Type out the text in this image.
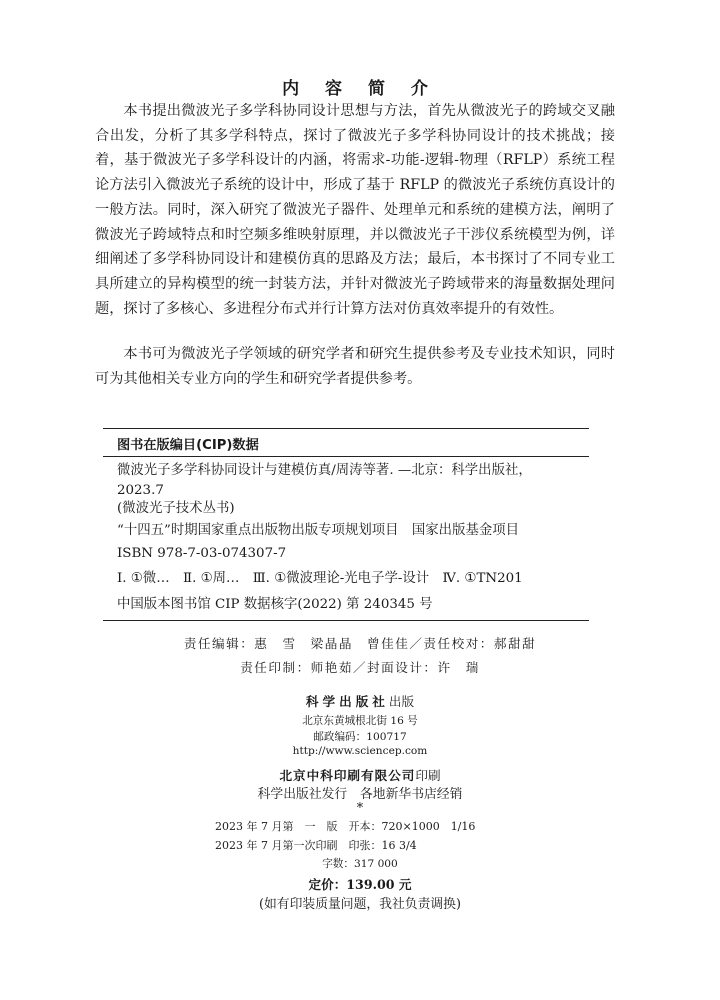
内 容 简 介

本书提出微波光子多学科协同设计思想与方法，首先从微波光子的跨域交叉融合出发，分析了其多学科特点，探讨了微波光子多学科协同设计的技术挑战；接着，基于微波光子多学科设计的内涵，将需求-功能-逻辑-物理（RFLP）系统工程论方法引入微波光子系统的设计中，形成了基于 RFLP 的微波光子系统仿真设计的一般方法。同时，深入研究了微波光子器件、处理单元和系统的建模方法，阐明了微波光子跨域特点和时空频多维映射原理，并以微波光子干涉仪系统模型为例，详细阐述了多学科协同设计和建模仿真的思路及方法；最后，本书探讨了不同专业工具所建立的异构模型的统一封装方法，并针对微波光子跨域带来的海量数据处理问题，探讨了多核心、多进程分布式并行计算方法对仿真效率提升的有效性。

本书可为微波光子学领域的研究学者和研究生提供参考及专业技术知识，同时可为其他相关专业方向的学生和研究学者提供参考。

图书在版编目(CIP)数据
微波光子多学科协同设计与建模仿真/周涛等著. —北京：科学出版社，
2023.7
(微波光子技术丛书)
“十四五”时期国家重点出版物出版专项规划项目　国家出版基金项目
ISBN 978-7-03-074307-7
Ⅰ. ①微…　Ⅱ. ①周…　Ⅲ. ①微波理论-光电子学-设计　Ⅳ. ①TN201
中国版本图书馆 CIP 数据核字(2022) 第 240345 号
责任编辑：惠　雪　梁晶晶　曾佳佳／责任校对：郝甜甜
责任印制：师艳茹／封面设计：许　瑞
科学出版社出版
北京东黄城根北街 16 号
邮政编码：100717
http://www.sciencep.com
北京中科印刷有限公司印刷
科学出版社发行　各地新华书店经销
*
2023 年 7 月第　一　版　开本：720×1000　1/16
2023 年 7 月第一次印刷　印张：16 3/4
字数：317 000
定价：139.00 元
(如有印装质量问题，我社负责调换)
